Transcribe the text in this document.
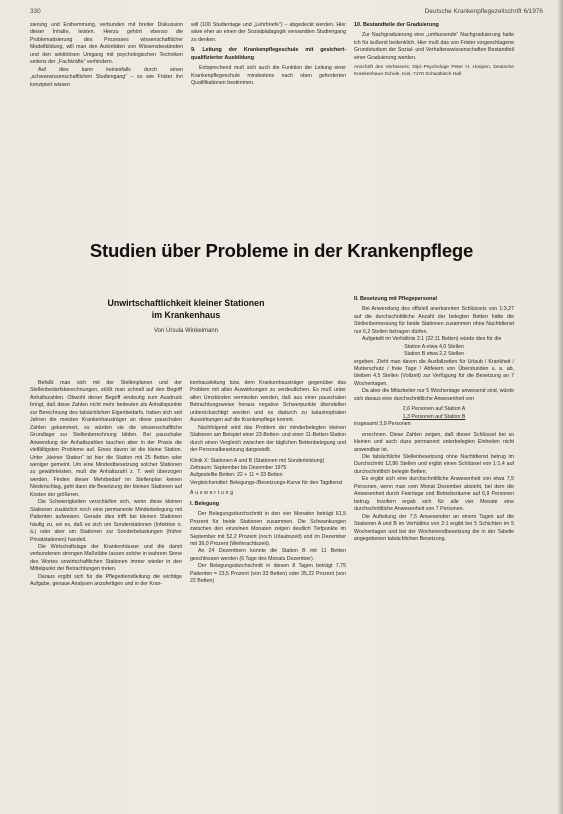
330	Deutsche Krankenpflegezeitschrift 6/1976

sierung und Enthemmung, verbunden mit breiter Diskussion dieser Inhalte, leisten. Hierzu gehört ebenso die Problematisierung des Prozesses wissenschaftlicher Modellbildung, will man den Autoritäten von Wissensbeständen und den sektiriösen Umgang mit psychologischen Techniken seitens der „Fachkräfte“ verhindern.

Auf dies kann keinesfalls durch einen „schwarwissenschaftlichen Studiengang“ – so wie Frister ihn konzipiert wissen

will (100 Studientage und „Lehrbriefe“) – abgedeckt werden. Hier wäre eher an einen der Sozialpädagogik verwandten Studiengang zu denken.

9. Leitung der Krankenpflegeschule mit gesichert-qualifizierter Ausbildung

Entsprechend muß sich auch die Funktion der Leitung einer Krankenpflegeschule mindestens nach oben geforderten Qualifikationen bestimmen.

10. Bestandteile der Graduierung

Zur Nachgraduierung eine „umfassende“ Nachgraduierung halte ich für äußerst bedenklich. Hier muß das von Frister vorgeschlagene Grundstudium der Sozial- und Verhaltenswissenschaften Bestandteil einer Graduierung werden.

Anschrift des Verfassers: Dipl.-Psychologe Peter H. Hoopen, Deutsche Krankenhaus-Schule, Kiel, 7170 Schwäbisch Hall

Studien über Probleme in der Krankenpflege
Unwirtschaftlichkeit kleiner Stationen
im Krankenhaus
Von Ursula Winkelmann

Befaßt man sich mit der Stellenplanen und der Stellenbedarfsberechnungen, stößt man schnell auf den Begriff Anhaltszahlen. Obwohl dieser Begriff eindeutig zum Ausdruck bringt, daß diese Zahlen nicht mehr bedeuten als Anhaltspunkte zur Berechnung des tatsächlichen Eigenbedarfs, haben sich seit Jahren die meisten Krankenhausträger an diese pauschalen Zahlen gekammert, es würden sie die wissenschaftliche Grundlage zur Stellenberechnung bilden. Bei pauschaler Anwendung der Anhaltszahlen tauchen aber in der Praxis die vielfältigsten Probleme auf. Eines davon ist die kleine Station. Unter „kleiner Station“ ist hier die Station mit 25 Betten oder weniger gemeint. Um eine Mindestbesetzung solcher Stationen zu gewährleisten, muß die Anhaltszahl z. T. weit überzogen werden. Finden dieser Mehrbedarf im Stellenplan keinen Niederschlag, geht dann die Besetzung der kleinen Stationen auf Kosten der größeren.

Die Schwierigkeiten verschärfen sich, wenn diese kleinen Stationen zusätzlich noch eine permanente Minderbelegung mit Patienten aufweisen. Gerade dies trifft bei kleinen Stationen häufig zu, sei es, daß es sich um Sonderstationen (Infektion o. ä.) oder aber um Stationen zur Sonderbelastungen (früher Privatstationen) handelt.

Die Wirtschaftslage der Krankenhäuser und die damit verbundenen strengen Maßstäbe lassen solche in wahrem Sinne des Wortes unwirtschaftlichen Stationen immer wieder in den Mittelpunkt der Betrachtungen treten.

Daraus ergibt sich für die Pflegedienstleitung die wichtige Aufgabe, genaue Analysen anzufertigen und in der Kran-

kenhausleitung bzw. dem Krankenhausträger gegenüber das Problem mit allen Auswirkungen zu verdeutlichen. Es muß unter allen Umständen vermieden werden, daß aus einer pauschalen Betrachtungsweise heraus negative Schwerpunkte überstellen unberücksichtigt werden und es dadurch zu katastrophalen Auswirkungen auf die Krankenpflege kommt.

Nachfolgend wird das Problem der minderbelegten kleinen Stationen am Beispiel einer 23-Betten- und einer 11-Betten-Station durch einen Vergleich zwischen der täglichen Bettenbelegung und der Personalbesetzung dargestellt.

Klinik X: Stationen A und B (Stationen mit Sonderleistung)

Zeitraum: September bis Dezember 1975

Aufgestellte Betten: 22 + 11 = 33 Betten

Vergleichsmittel: Belegungs-/Besetzungs-Kurve für den Tagdienst

Auswertung

I. Belegung

Der Belegungsdurchschnitt in den vier Monaten beträgt 61,5 Prozent für beide Stationen zusammen. Die Schwankungen zwischen den einzelnen Monaten zeigen deutlich Tiefpunkte im September mit 52,2 Prozent (noch Urlaubszeit) und im Dezember mit 39,0 Prozent (Weihnachtszeit).

An 24 Dezembern konnte die Station B mit 11 Betten geschlossen werden (6 Tage des Monats Dezember).

Der Belegungsdurchschnitt in diesen 8 Tagen beträgt 7,75 Patienten = 23,5 Prozent (von 33 Betten) oder 35,22 Prozent (von 22 Betten)

II. Besetzung mit Pflegepersonal

Bei Anwendung des offiziell anerkannten Schlüssels von 1:3,27 auf die durchschnittliche Anzahl der belegten Betten hätte die Stellenbemessung für beide Stationen zusammen ohne Nachtdienst nur 6,2 Stellen betragen dürfen.

Aufgeteilt im Verhältnis 2:1 (22:11 Betten) würde dies für die

Station A etwa 4,0 Stellen

Station B etwa 2,2 Stellen

ergeben. Zieht man davon die Ausfallzeiten für Urlaub / Krankheit / Mutterschutz / freie Tage / Abfeiern von Überstunden u. a. ab, bleiben 4,5 Stellen (Vollzeit) zur Verfügung für die Besetzung an 7 Wochentagen.

Da aber die Mitarbeiter nur 5 Wochentage anwesend sind, würde sich daraus eine durchschnittliche Anwesenheit von

2,6 Personen auf Station A

1,3 Personen auf Station B

insgesamt 3,9 Personen

errechnen. Diese Zahlen zeigen, daß dieser Schlüssel bei so kleinen und auch dazu permanent unterbelegten Einheiten nicht anwendbar ist.

Die tatsächliche Stellenbesetzung ohne Nachtdienst betrug im Durchschnitt 12,86 Stellen und ergibt einen Schlüssel von 1:1,4 auf durchschnittlich belegte Betten.

Es ergibt sich eine durchschnittliche Anwesenheit von etwa 7,5 Personen, wenn man vom Monat Dezember absieht, bei dem die Anwesenheit durch Feiertage und Betriebsräume auf 6,9 Personen betrug. Insofern ergab sich für alle vier Monate eine durchschnittliche Anwesenheit von 7 Personen.

Die Aufteilung der 7,5 Anwesenden an einem Tagen auf die Stationen A und B im Verhältnis von 2:1 ergibt bei 5 Schichten im 5 Wochentagen und bei der Wochenendbesetzung die in der Tabelle angegebenen tatsächlichen Besetzung.
